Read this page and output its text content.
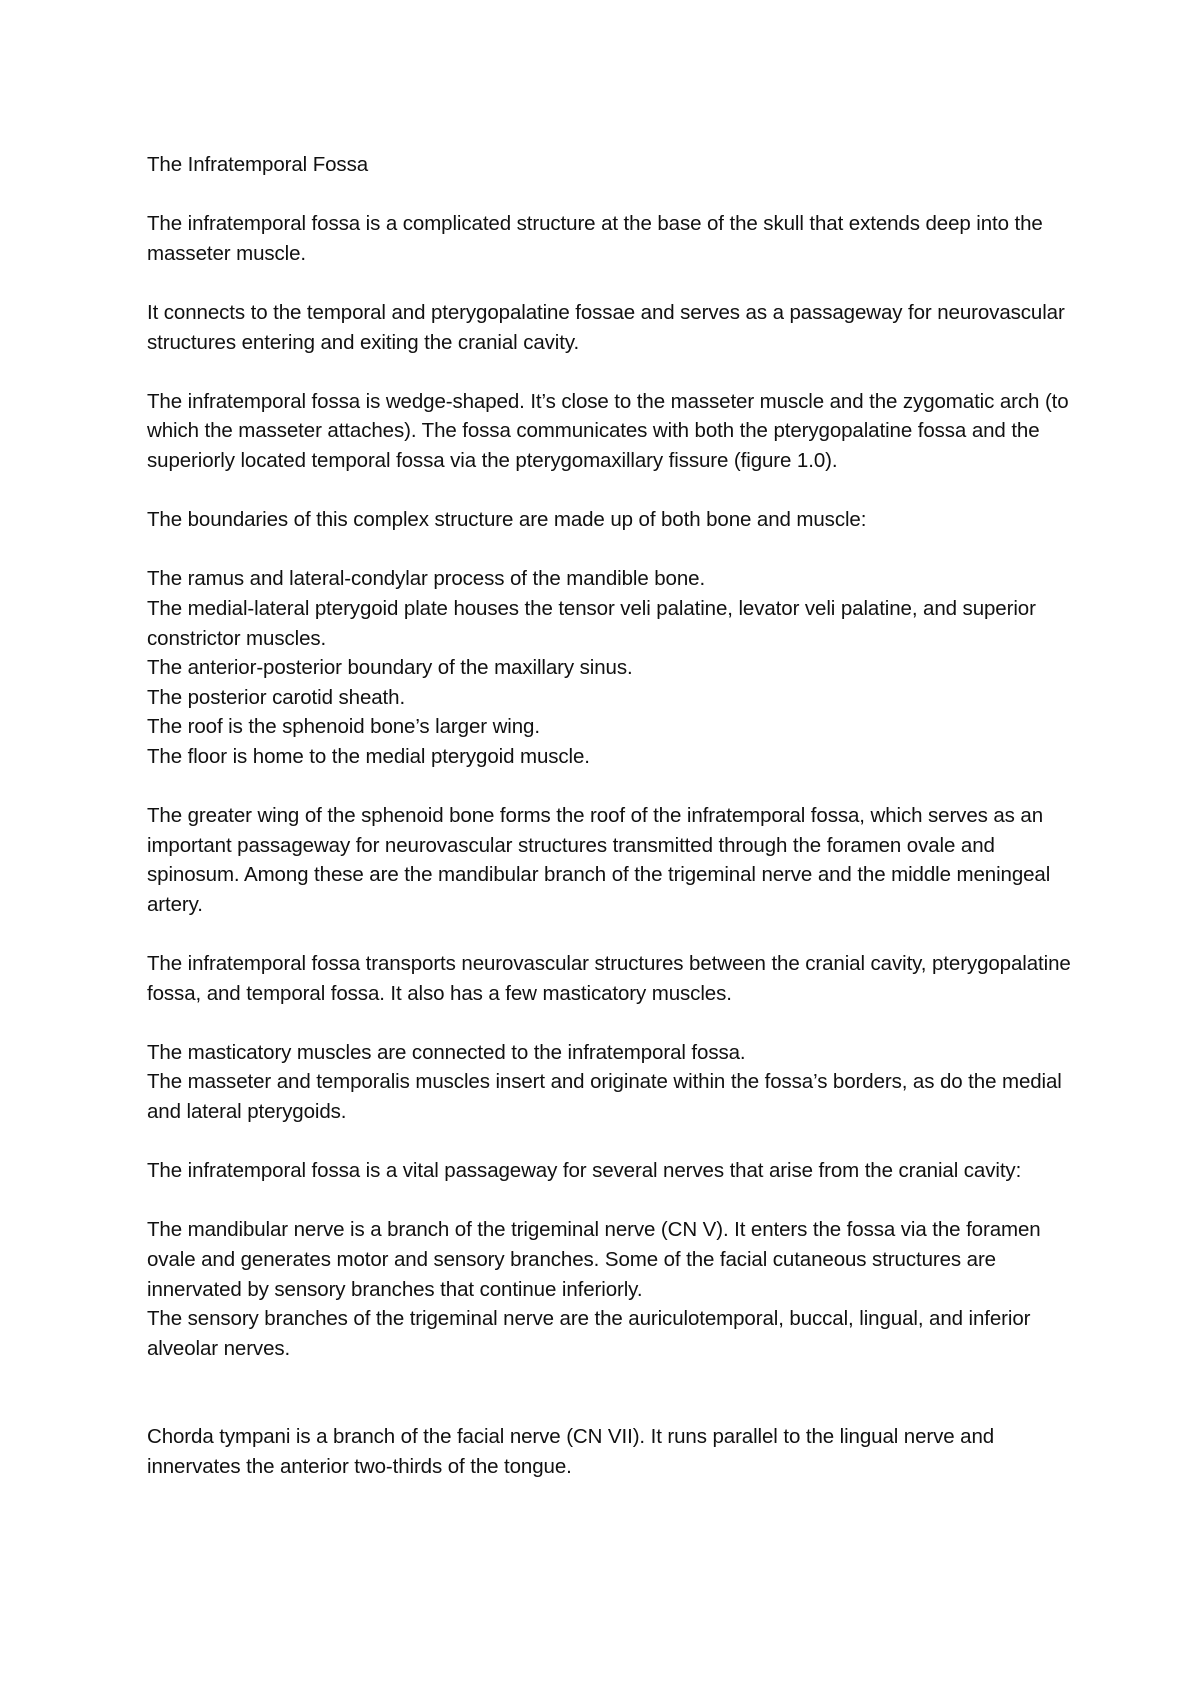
The Infratemporal Fossa

The infratemporal fossa is a complicated structure at the base of the skull that extends deep into the masseter muscle.

It connects to the temporal and pterygopalatine fossae and serves as a passageway for neurovascular structures entering and exiting the cranial cavity.

The infratemporal fossa is wedge-shaped. It’s close to the masseter muscle and the zygomatic arch (to which the masseter attaches). The fossa communicates with both the pterygopalatine fossa and the superiorly located temporal fossa via the pterygomaxillary fissure (figure 1.0).

The boundaries of this complex structure are made up of both bone and muscle:

The ramus and lateral-condylar process of the mandible bone.

The medial-lateral pterygoid plate houses the tensor veli palatine, levator veli palatine, and superior constrictor muscles.

The anterior-posterior boundary of the maxillary sinus.

The posterior carotid sheath.

The roof is the sphenoid bone’s larger wing.

The floor is home to the medial pterygoid muscle.

The greater wing of the sphenoid bone forms the roof of the infratemporal fossa, which serves as an important passageway for neurovascular structures transmitted through the foramen ovale and spinosum. Among these are the mandibular branch of the trigeminal nerve and the middle meningeal artery.

The infratemporal fossa transports neurovascular structures between the cranial cavity, pterygopalatine fossa, and temporal fossa. It also has a few masticatory muscles.

The masticatory muscles are connected to the infratemporal fossa.

The masseter and temporalis muscles insert and originate within the fossa’s borders, as do the medial and lateral pterygoids.

The infratemporal fossa is a vital passageway for several nerves that arise from the cranial cavity:

The mandibular nerve is a branch of the trigeminal nerve (CN V). It enters the fossa via the foramen ovale and generates motor and sensory branches. Some of the facial cutaneous structures are innervated by sensory branches that continue inferiorly.

The sensory branches of the trigeminal nerve are the auriculotemporal, buccal, lingual, and inferior alveolar nerves.

Chorda tympani is a branch of the facial nerve (CN VII). It runs parallel to the lingual nerve and innervates the anterior two-thirds of the tongue.
